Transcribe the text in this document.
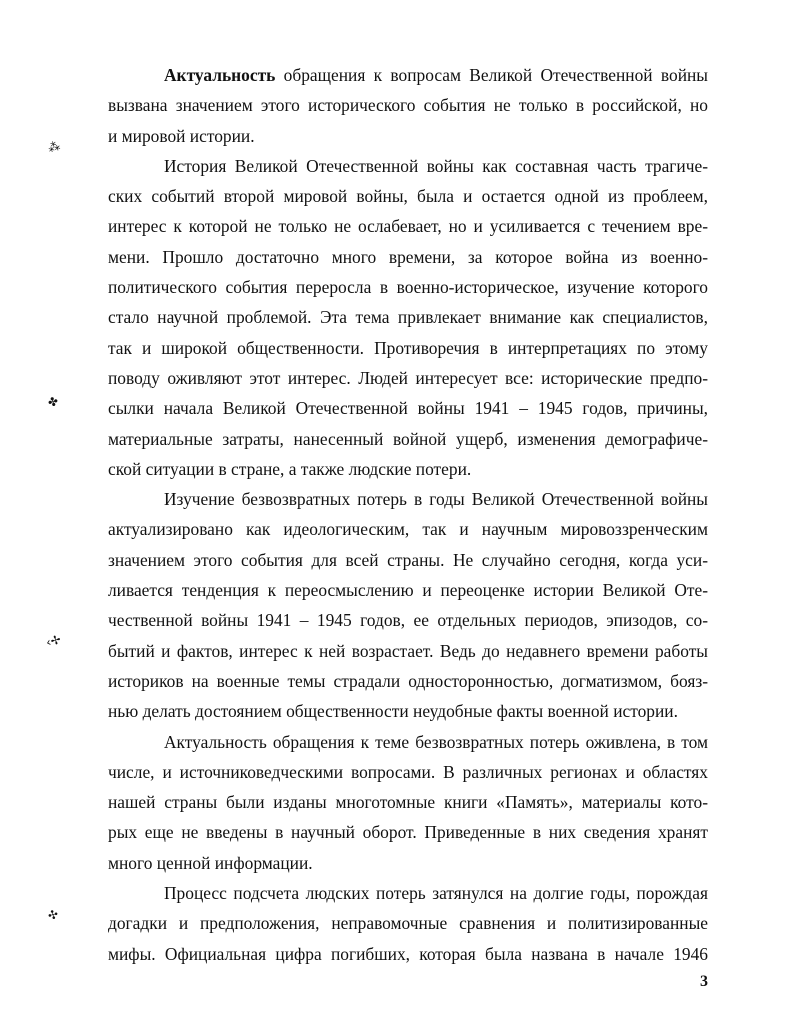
⁂
✤
‹✢
✣
Актуальность обращения к вопросам Великой Отечественной войны
вызвана значением этого исторического события не только в российской, но
и мировой истории.
История Великой Отечественной войны как составная часть трагиче-
ских событий второй мировой войны, была и остается одной из проблеем,
интерес к которой не только не ослабевает, но и усиливается с течением вре-
мени. Прошло достаточно много времени, за которое война из военно-
политического события переросла в военно-историческое, изучение которого
стало научной проблемой. Эта тема привлекает внимание как специалистов,
так и широкой общественности. Противоречия в интерпретациях по этому
поводу оживляют этот интерес. Людей интересует все: исторические предпо-
сылки начала Великой Отечественной войны 1941 – 1945 годов, причины,
материальные затраты, нанесенный войной ущерб, изменения демографиче-
ской ситуации в стране, а также людские потери.
Изучение безвозвратных потерь в годы Великой Отечественной войны
актуализировано как идеологическим, так и научным мировоззренческим
значением этого события для всей страны. Не случайно сегодня, когда уси-
ливается тенденция к переосмыслению и переоценке истории Великой Оте-
чественной войны 1941 – 1945 годов, ее отдельных периодов, эпизодов, со-
бытий и фактов, интерес к ней возрастает. Ведь до недавнего времени работы
историков на военные темы страдали односторонностью, догматизмом, бояз-
нью делать достоянием общественности неудобные факты военной истории.
Актуальность обращения к теме безвозвратных потерь оживлена, в том
числе, и источниковедческими вопросами. В различных регионах и областях
нашей страны были изданы многотомные книги «Память», материалы кото-
рых еще не введены в научный оборот. Приведенные в них сведения хранят
много ценной информации.
Процесс подсчета людских потерь затянулся на долгие годы, порождая
догадки и предположения, неправомочные сравнения и политизированные
мифы. Официальная цифра погибших, которая была названа в начале 1946
3
